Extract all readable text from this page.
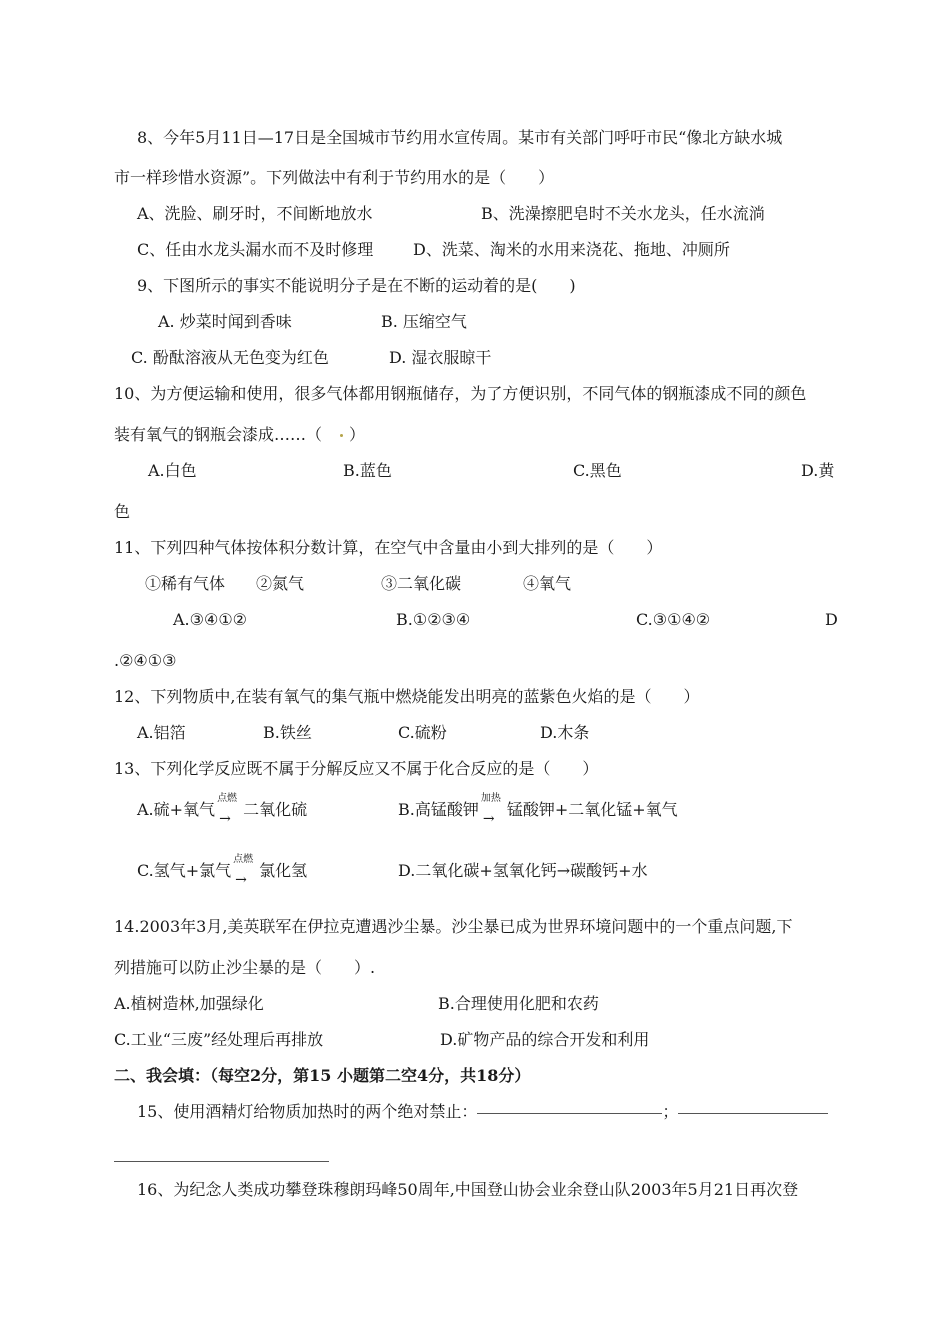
8、今年5月11日—17日是全国城市节约用水宣传周。某市有关部门呼吁市民“像北方缺水城
市一样珍惜水资源”。下列做法中有利于节约用水的是（　　）
A、洗脸、刷牙时，不间断地放水	B、洗澡擦肥皂时不关水龙头，任水流淌
C、任由水龙头漏水而不及时修理 D、洗菜、淘米的水用来浇花、拖地、冲厕所
9、下图所示的事实不能说明分子是在不断的运动着的是(　　)
A. 炒菜时闻到香味	B. 压缩空气
C. 酚酞溶液从无色变为红色	D. 湿衣服晾干
10、为方便运输和使用，很多气体都用钢瓶储存，为了方便识别，不同气体的钢瓶漆成不同的颜色
装有氧气的钢瓶会漆成……（ ）
A.白色	B.蓝色	C.黑色	D.黄
色
11、下列四种气体按体积分数计算，在空气中含量由小到大排列的是（　　）
①稀有气体 ②氮气	③二氧化碳	④氧气
A.③④①②	B.①②③④	C.③①④②	D
.②④①③
12、下列物质中,在装有氧气的集气瓶中燃烧能发出明亮的蓝紫色火焰的是（　　）
A.铝箔	B.铁丝	C.硫粉	D.木条
13、下列化学反应既不属于分解反应又不属于化合反应的是（　　）
A.硫+氧气
点燃
→ 二氧化硫	B.高锰酸钾
加热
→ 锰酸钾+二氧化锰+氧气
C.氢气+氯气
点燃
→ 氯化氢	D.二氧化碳+氢氧化钙→碳酸钙+水
14.2003年3月,美英联军在伊拉克遭遇沙尘暴。沙尘暴已成为世界环境问题中的一个重点问题,下
列措施可以防止沙尘暴的是（　　）.
A.植树造林,加强绿化	B.合理使用化肥和农药
C.工业“三废”经处理后再排放	D.矿物产品的综合开发和利用
二、我会填：（每空2分，第15 小题第二空4分，共18分）
15、使用酒精灯给物质加热时的两个绝对禁止：	；
16、为纪念人类成功攀登珠穆朗玛峰50周年,中国登山协会业余登山队2003年5月21日再次登
